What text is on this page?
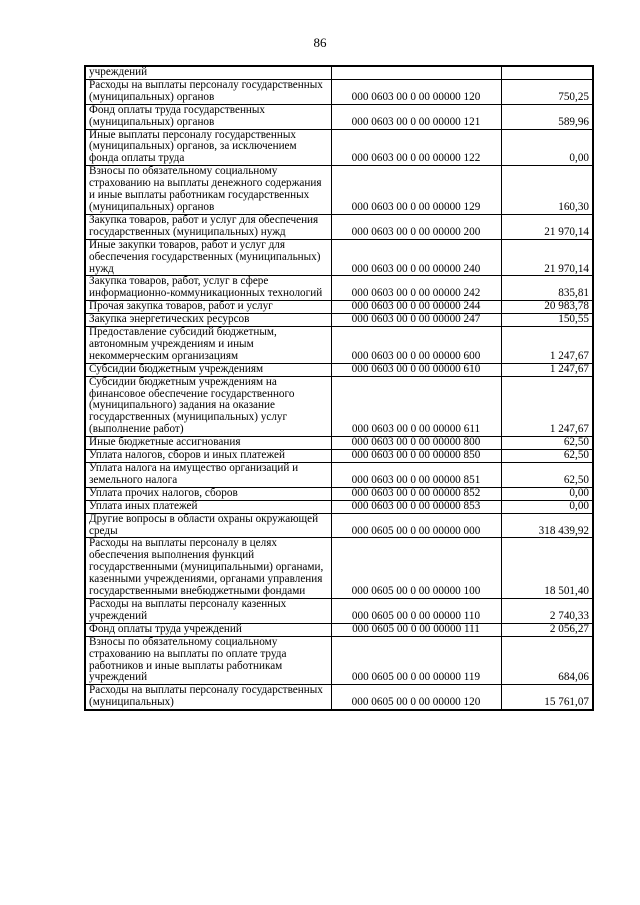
86
учреждений		
Расходы на выплаты персоналу государственных (муниципальных) органов	000 0603 00 0 00 00000 120	750,25
Фонд оплаты труда государственных (муниципальных) органов	000 0603 00 0 00 00000 121	589,96
Иные выплаты персоналу государственных (муниципальных) органов, за исключением фонда оплаты труда	000 0603 00 0 00 00000 122	0,00
Взносы по обязательному социальному страхованию на выплаты денежного содержания и иные выплаты работникам государственных (муниципальных) органов	000 0603 00 0 00 00000 129	160,30
Закупка товаров, работ и услуг для обеспечения государственных (муниципальных) нужд	000 0603 00 0 00 00000 200	21 970,14
Иные закупки товаров, работ и услуг для обеспечения государственных (муниципальных) нужд	000 0603 00 0 00 00000 240	21 970,14
Закупка товаров, работ, услуг в сфере информационно-коммуникационных технологий	000 0603 00 0 00 00000 242	835,81
Прочая закупка товаров, работ и услуг	000 0603 00 0 00 00000 244	20 983,78
Закупка энергетических ресурсов	000 0603 00 0 00 00000 247	150,55
Предоставление субсидий бюджетным, автономным учреждениям и иным некоммерческим организациям	000 0603 00 0 00 00000 600	1 247,67
Субсидии бюджетным учреждениям	000 0603 00 0 00 00000 610	1 247,67
Субсидии бюджетным учреждениям на финансовое обеспечение государственного (муниципального) задания на оказание государственных (муниципальных) услуг (выполнение работ)	000 0603 00 0 00 00000 611	1 247,67
Иные бюджетные ассигнования	000 0603 00 0 00 00000 800	62,50
Уплата налогов, сборов и иных платежей	000 0603 00 0 00 00000 850	62,50
Уплата налога на имущество организаций и земельного налога	000 0603 00 0 00 00000 851	62,50
Уплата прочих налогов, сборов	000 0603 00 0 00 00000 852	0,00
Уплата иных платежей	000 0603 00 0 00 00000 853	0,00
Другие вопросы в области охраны окружающей среды	000 0605 00 0 00 00000 000	318 439,92
Расходы на выплаты персоналу в целях обеспечения выполнения функций государственными (муниципальными) органами, казенными учреждениями, органами управления государственными внебюджетными фондами	000 0605 00 0 00 00000 100	18 501,40
Расходы на выплаты персоналу казенных учреждений	000 0605 00 0 00 00000 110	2 740,33
Фонд оплаты труда учреждений	000 0605 00 0 00 00000 111	2 056,27
Взносы по обязательному социальному страхованию на выплаты по оплате труда работников и иные выплаты работникам учреждений	000 0605 00 0 00 00000 119	684,06
Расходы на выплаты персоналу государственных (муниципальных)	000 0605 00 0 00 00000 120	15 761,07
